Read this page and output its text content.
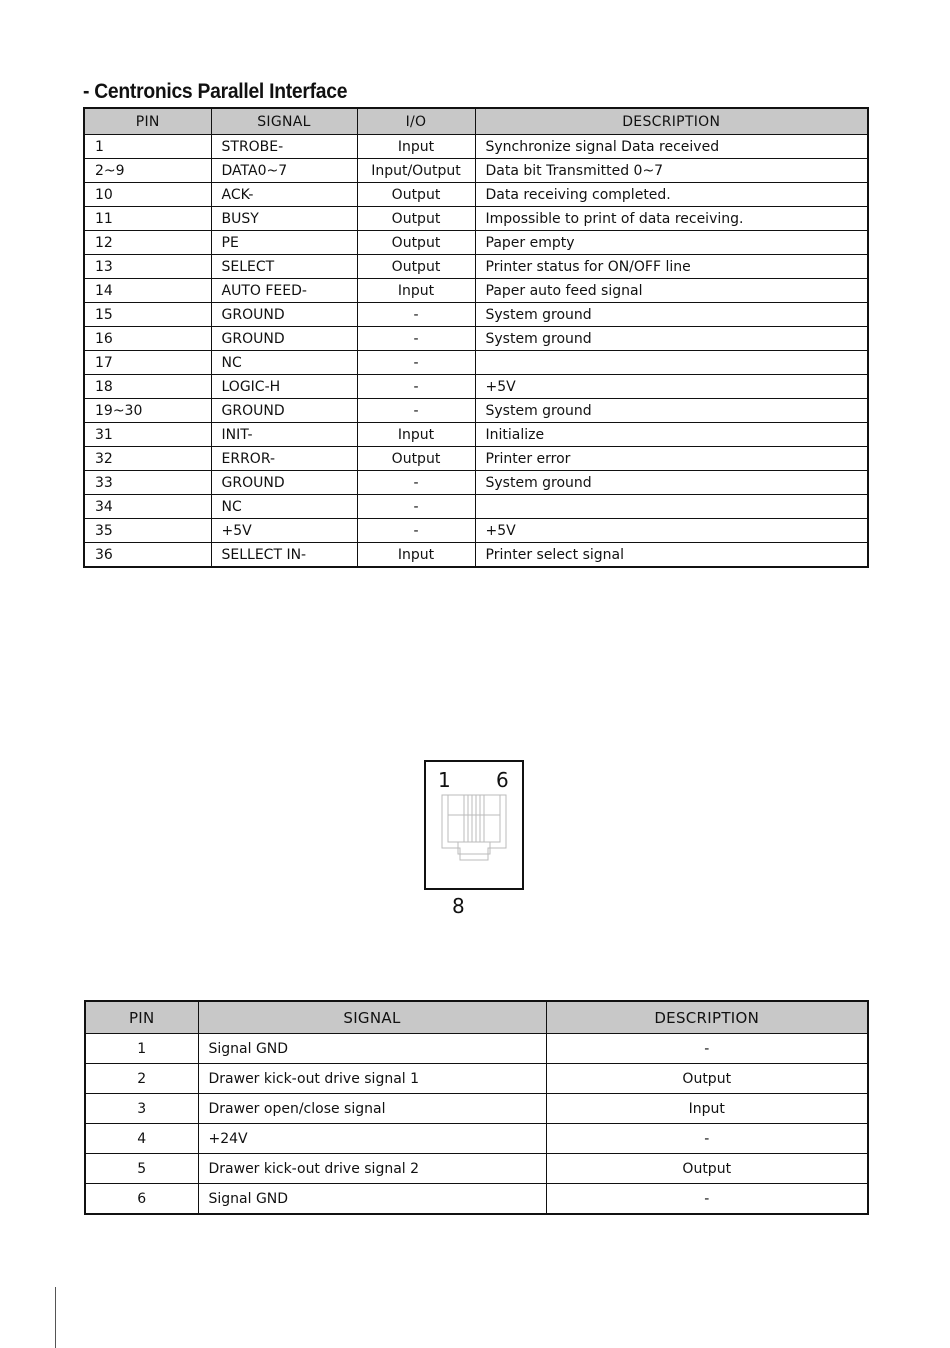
- Centronics Parallel Interface
PIN	SIGNAL	I/O	DESCRIPTION
1	STROBE-	Input	Synchronize signal Data received
2~9	DATA0~7	Input/Output	Data bit Transmitted 0~7
10	ACK-	Output	Data receiving completed.
11	BUSY	Output	Impossible to print of data receiving.
12	PE	Output	Paper empty
13	SELECT	Output	Printer status for ON/OFF line
14	AUTO FEED-	Input	Paper auto feed signal
15	GROUND	-	System ground
16	GROUND	-	System ground
17	NC	-	
18	LOGIC-H	-	+5V
19~30	GROUND	-	System ground
31	INIT-	Input	Initialize
32	ERROR-	Output	Printer error
33	GROUND	-	System ground
34	NC	-	
35	+5V	-	+5V
36	SELLECT IN-	Input	Printer select signal
1 6
8
PIN	SIGNAL	DESCRIPTION
1	Signal GND	-
2	Drawer kick-out drive signal 1	Output
3	Drawer open/close signal	Input
4	+24V	-
5	Drawer kick-out drive signal 2	Output
6	Signal GND	-
